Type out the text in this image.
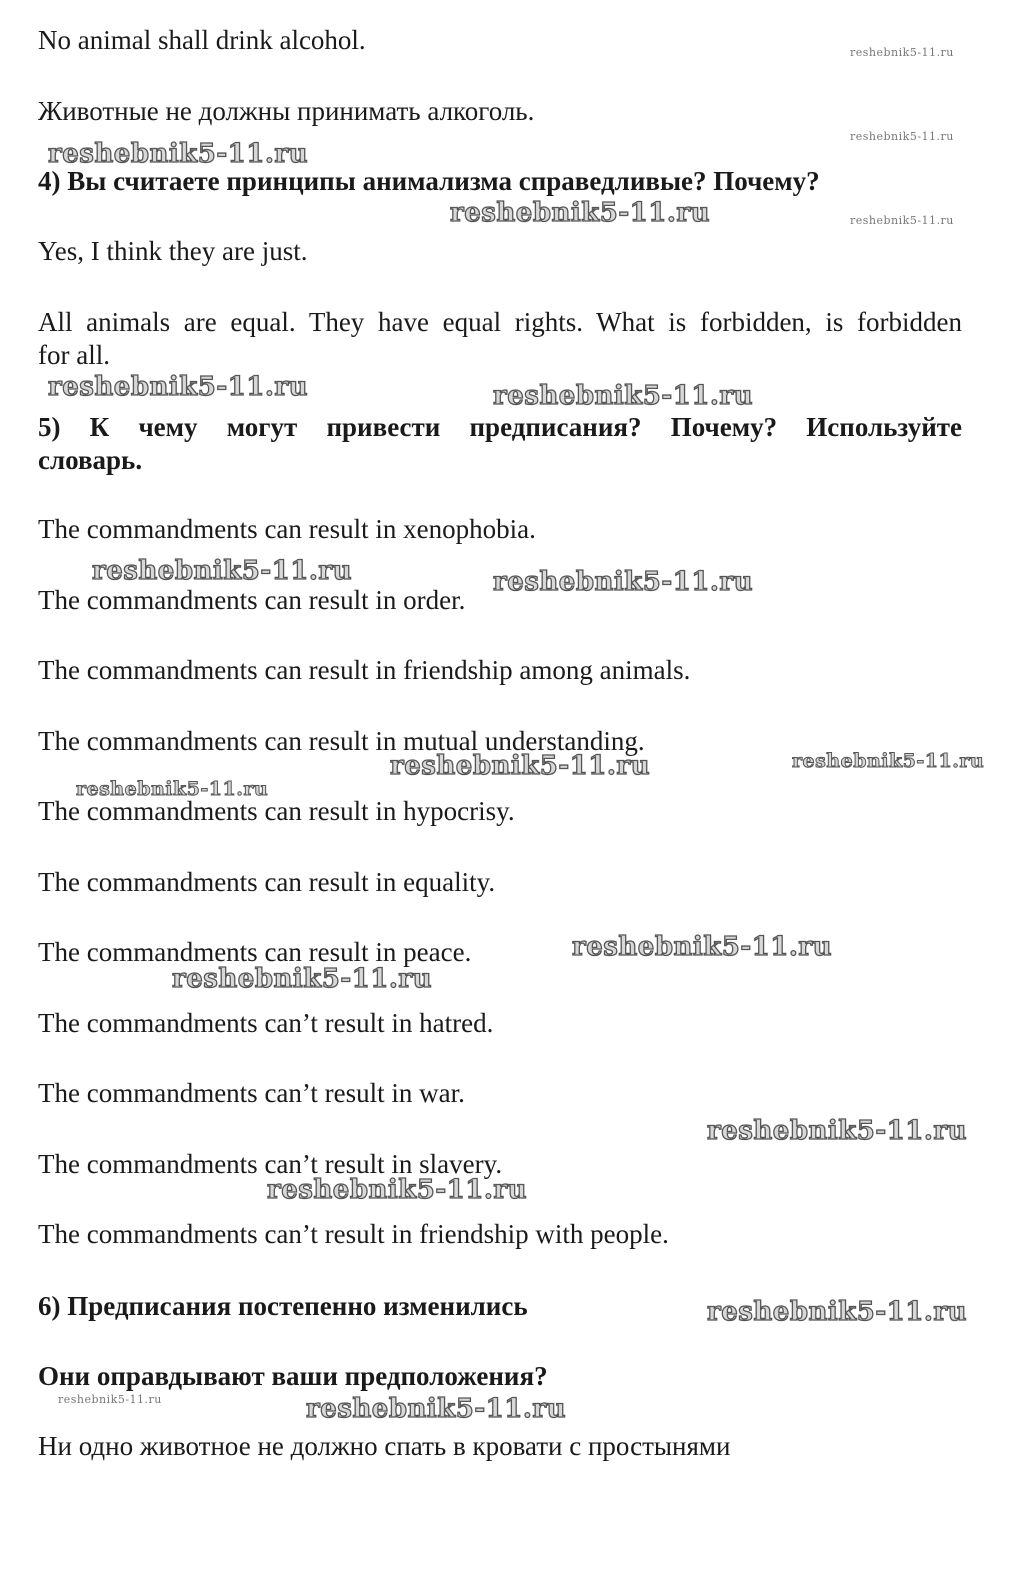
No animal shall drink alcohol.

Животные не должны принимать алкоголь.

4) Вы считаете принципы анимализма справедливые? Почему?

Yes, I think they are just.

All animals are equal. They have equal rights. What is forbidden, is forbidden

for all.

5) К чему могут привести предписания? Почему? Используйте

словарь.

The commandments can result in xenophobia.

The commandments can result in order.

The commandments can result in friendship among animals.

The commandments can result in mutual understanding.

The commandments can result in hypocrisy.

The commandments can result in equality.

The commandments can result in peace.

The commandments can’t result in hatred.

The commandments can’t result in war.

The commandments can’t result in slavery.

The commandments can’t result in friendship with people.

6) Предписания постепенно изменились

Они оправдывают ваши предположения?

Ни одно животное не должно спать в кровати с простынями

reshebnik5-11.ru
reshebnik5-11.ru
reshebnik5-11.ru
reshebnik5-11.ru	reshebnik5-11.ru
reshebnik5-11.ru	reshebnik5-11.ru
reshebnik5-11.ru	reshebnik5-11.ru
reshebnik5-11.ru	reshebnik5-11.ru
reshebnik5-11.ru
reshebnik5-11.ru
reshebnik5-11.ru
reshebnik5-11.ru
reshebnik5-11.ru
reshebnik5-11.ru
reshebnik5-11.ru	reshebnik5-11.ru
